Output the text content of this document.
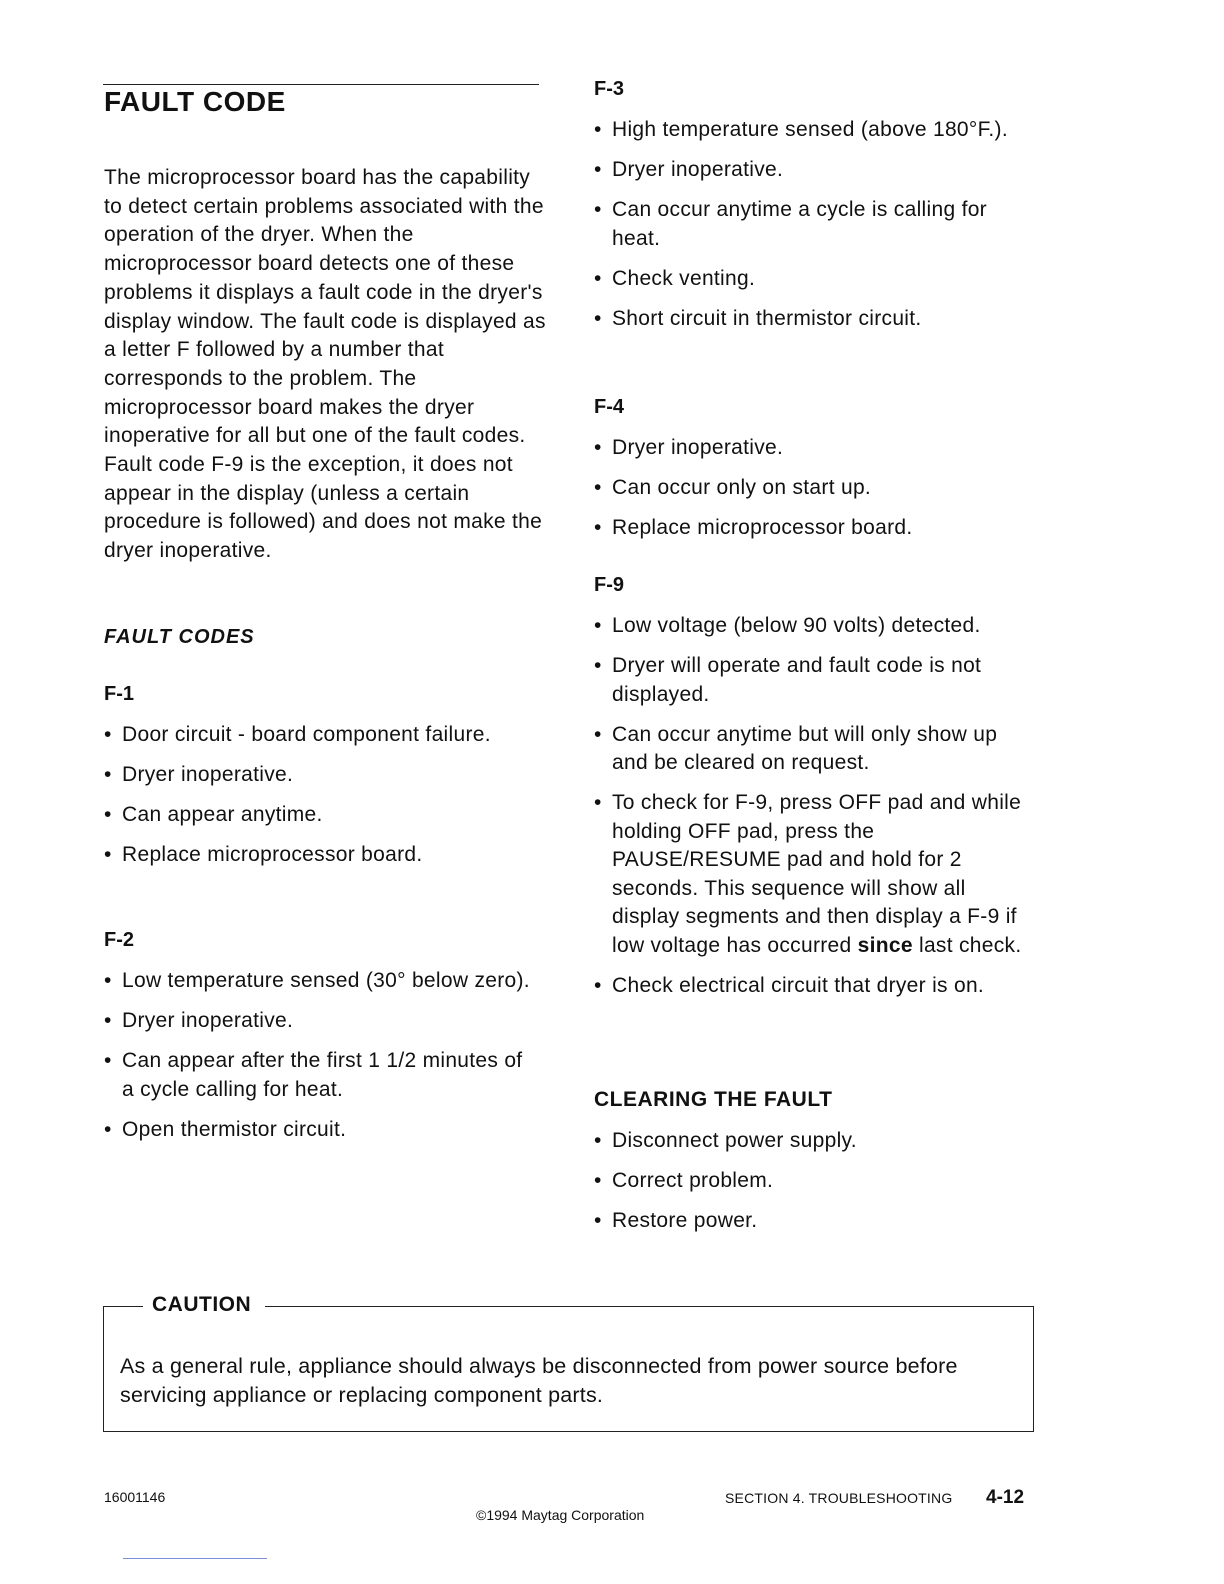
FAULT CODE

The microprocessor board has the capability to detect certain problems associated with the operation of the dryer. When the microprocessor board detects one of these problems it displays a fault code in the dryer's display window. The fault code is displayed as a letter F followed by a number that corresponds to the problem. The microprocessor board makes the dryer inoperative for all but one of the fault codes. Fault code F-9 is the exception, it does not appear in the display (unless a certain procedure is followed) and does not make the dryer inoperative.

FAULT CODES
F-1
• Door circuit - board component failure.
• Dryer inoperative.
• Can appear anytime.
• Replace microprocessor board.
F-2
• Low temperature sensed (30° below zero).
• Dryer inoperative.
• Can appear after the first 1 1/2 minutes of a cycle calling for heat.
• Open thermistor circuit.
F-3
• High temperature sensed (above 180°F.).
• Dryer inoperative.
• Can occur anytime a cycle is calling for heat.
• Check venting.
• Short circuit in thermistor circuit.
F-4
• Dryer inoperative.
• Can occur only on start up.
• Replace microprocessor board.
F-9
• Low voltage (below 90 volts) detected.
• Dryer will operate and fault code is not displayed.
• Can occur anytime but will only show up and be cleared on request.
• To check for F-9, press OFF pad and while holding OFF pad, press the PAUSE/RESUME pad and hold for 2 seconds. This sequence will show all display segments and then display a F-9 if low voltage has occurred since last check.
• Check electrical circuit that dryer is on.
CLEARING THE FAULT
• Disconnect power supply.
• Correct problem.
• Restore power.
CAUTION
As a general rule, appliance should always be disconnected from power source before servicing appliance or replacing component parts.
16001146	SECTION 4. TROUBLESHOOTING 4-12
©1994 Maytag Corporation
